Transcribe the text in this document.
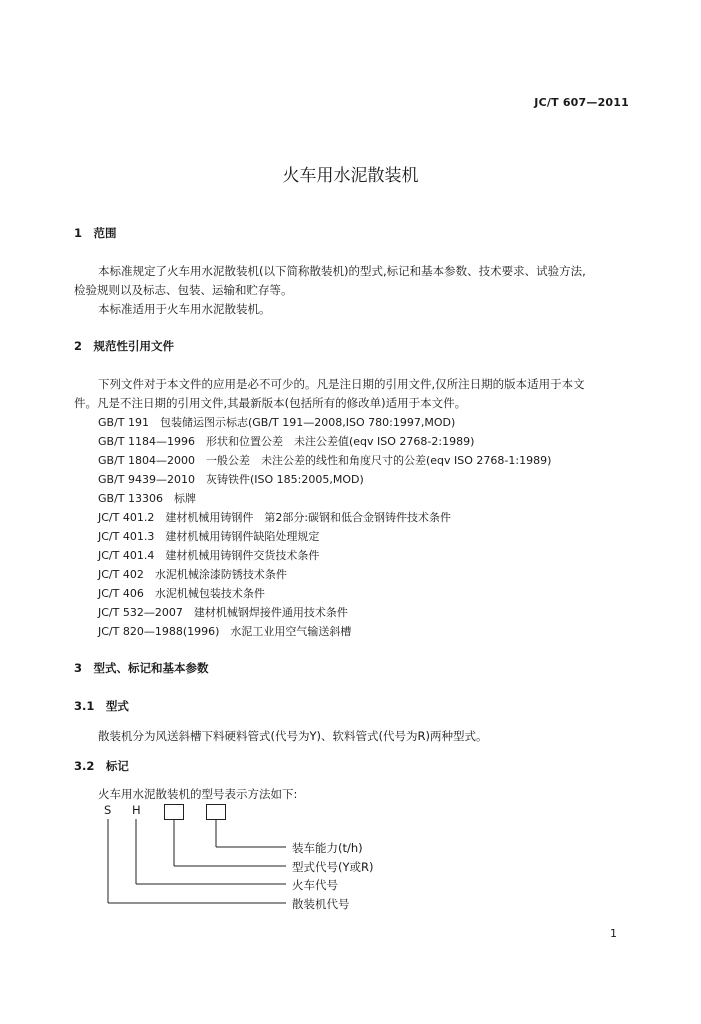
JC/T 607—2011
火车用水泥散装机
1　范围
本标准规定了火车用水泥散装机(以下简称散装机)的型式,标记和基本参数、技术要求、试验方法,
检验规则以及标志、包装、运输和贮存等。
本标准适用于火车用水泥散装机。
2　规范性引用文件
下列文件对于本文件的应用是必不可少的。凡是注日期的引用文件,仅所注日期的版本适用于本文
件。凡是不注日期的引用文件,其最新版本(包括所有的修改单)适用于本文件。
GB/T 191　包装储运图示标志(GB/T 191—2008,ISO 780:1997,MOD)
GB/T 1184—1996　形状和位置公差　未注公差值(eqv ISO 2768-2:1989)
GB/T 1804—2000　一般公差　未注公差的线性和角度尺寸的公差(eqv ISO 2768-1:1989)
GB/T 9439—2010　灰铸铁件(ISO 185:2005,MOD)
GB/T 13306　标牌
JC/T 401.2　建材机械用铸钢件　第2部分:碳钢和低合金钢铸件技术条件
JC/T 401.3　建材机械用铸钢件缺陷处理规定
JC/T 401.4　建材机械用铸钢件交货技术条件
JC/T 402　水泥机械涂漆防锈技术条件
JC/T 406　水泥机械包装技术条件
JC/T 532—2007　建材机械钢焊接件通用技术条件
JC/T 820—1988(1996)　水泥工业用空气输送斜槽
3　型式、标记和基本参数
3.1　型式
散装机分为风送斜槽下料硬料管式(代号为Y)、软料管式(代号为R)两种型式。
3.2　标记
火车用水泥散装机的型号表示方法如下:
S H
装车能力(t/h)
型式代号(Y或R)
火车代号
散装机代号
1
